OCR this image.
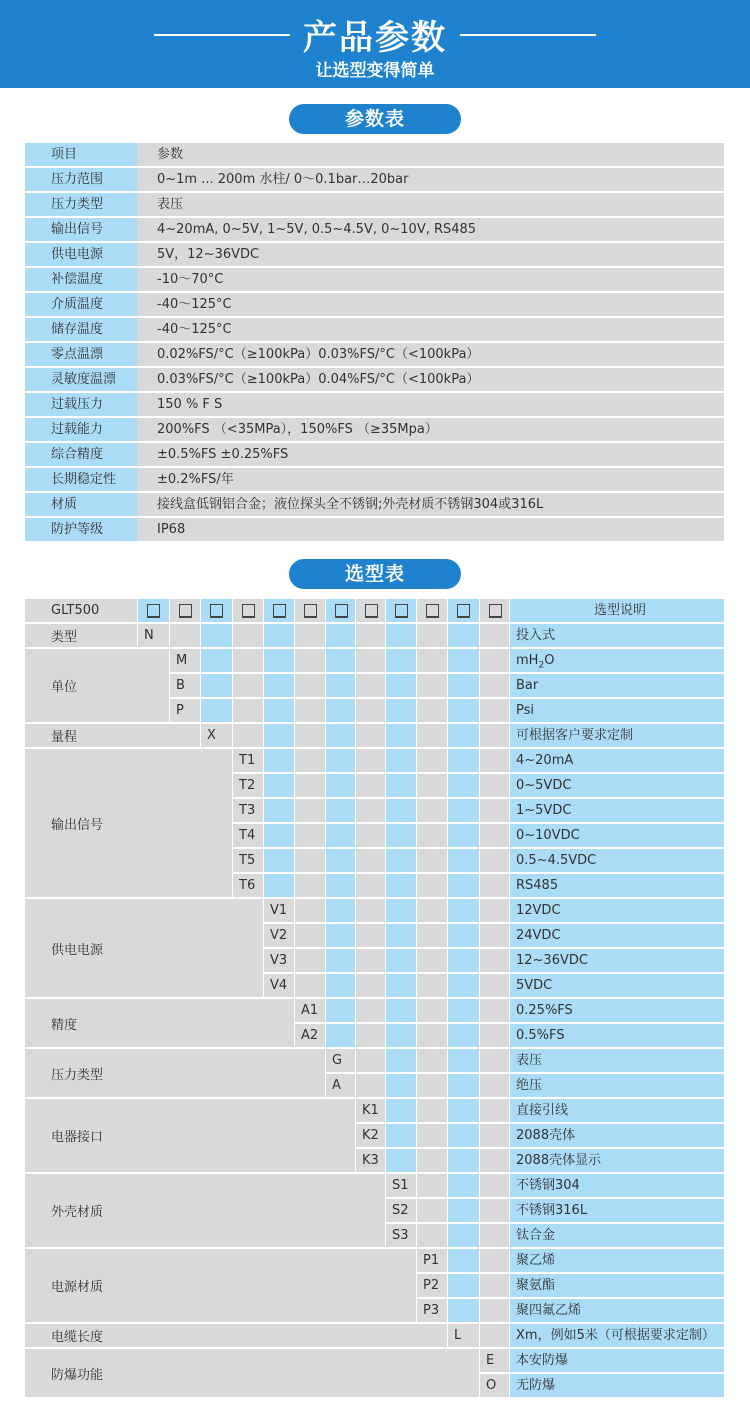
产品参数
让选型变得简单
参数表
项目	参数
压力范围	0~1m ... 200m 水柱/ 0～0.1bar…20bar
压力类型	表压
输出信号	4~20mA, 0~5V, 1~5V, 0.5~4.5V, 0~10V, RS485
供电电源	5V，12~36VDC
补偿温度	-10～70°C
介质温度	-40～125°C
储存温度	-40～125°C
零点温漂	0.02%FS/°C（≥100kPa）0.03%FS/°C（<100kPa）
灵敏度温漂	0.03%FS/°C（≥100kPa）0.04%FS/°C（<100kPa）
过载压力	150 % F S
过载能力	200%FS （<35MPa），150%FS （≥35Mpa）
综合精度	±0.5%FS ±0.25%FS
长期稳定性	±0.2%FS/年
材质	接线盒低钢铝合金；液位探头全不锈钢;外壳材质不锈钢304或316L
防护等级	IP68
选型表
GLT500	选型说明
类型	N	投入式
单位
M	$mH_2O$
B	Bar
P	Psi
量程	X	可根据客户要求定制
输出信号
T1	4~20mA
T2	0~5VDC
T3	1~5VDC
T4	0~10VDC
T5	0.5~4.5VDC
T6	RS485
供电电源
V1	12VDC
V2	24VDC
V3	12~36VDC
V4	5VDC
精度
A1	0.25%FS
A2	0.5%FS
压力类型
G	表压
A	绝压
电器接口
K1	直接引线
K2	2088壳体
K3	2088壳体显示
外壳材质
S1	不锈钢304
S2	不锈钢316L
S3	钛合金
电源材质
P1	聚乙烯
P2	聚氨酯
P3	聚四氟乙烯
电缆长度	L	Xm，例如5米（可根据要求定制）
防爆功能
E	本安防爆
O	无防爆
